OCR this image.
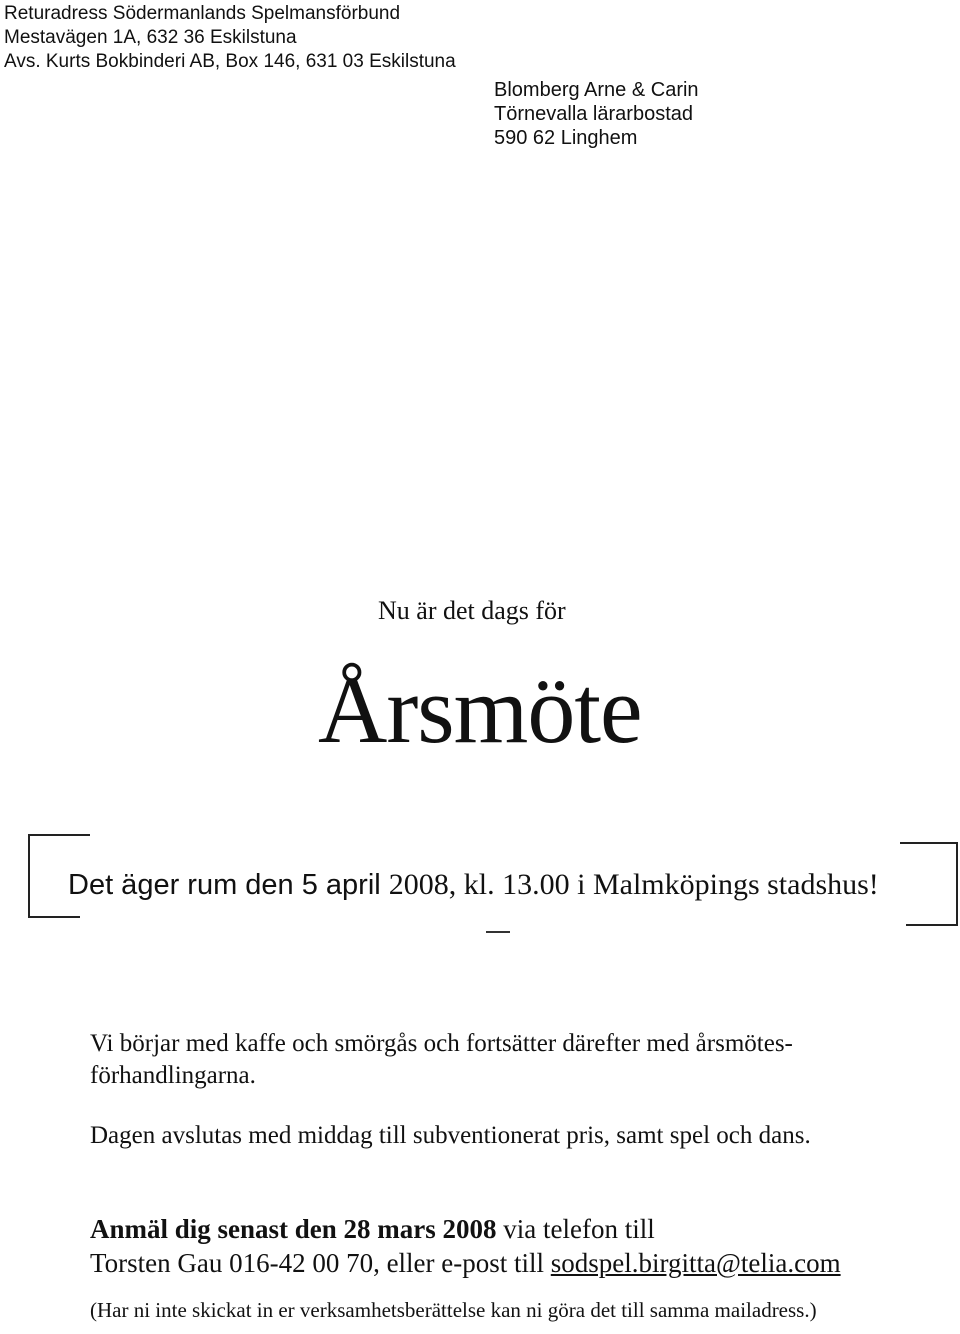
Returadress Södermanlands Spelmansförbund
Mestavägen 1A, 632 36 Eskilstuna
Avs. Kurts Bokbinderi AB, Box 146, 631 03 Eskilstuna
Blomberg Arne & Carin
Törnevalla lärarbostad
590 62 Linghem
Nu är det dags för
Årsmöte
Det äger rum den 5 april 2008, kl. 13.00 i Malmköpings stadshus!
Vi börjar med kaffe och smörgås och fortsätter därefter med årsmötes-förhandlingarna.
Dagen avslutas med middag till subventionerat pris, samt spel och dans.
Anmäl dig senast den 28 mars 2008 via telefon till
Torsten Gau 016-42 00 70, eller e-post till sodspel.birgitta@telia.com
(Har ni inte skickat in er verksamhetsberättelse kan ni göra det till samma mailadress.)
